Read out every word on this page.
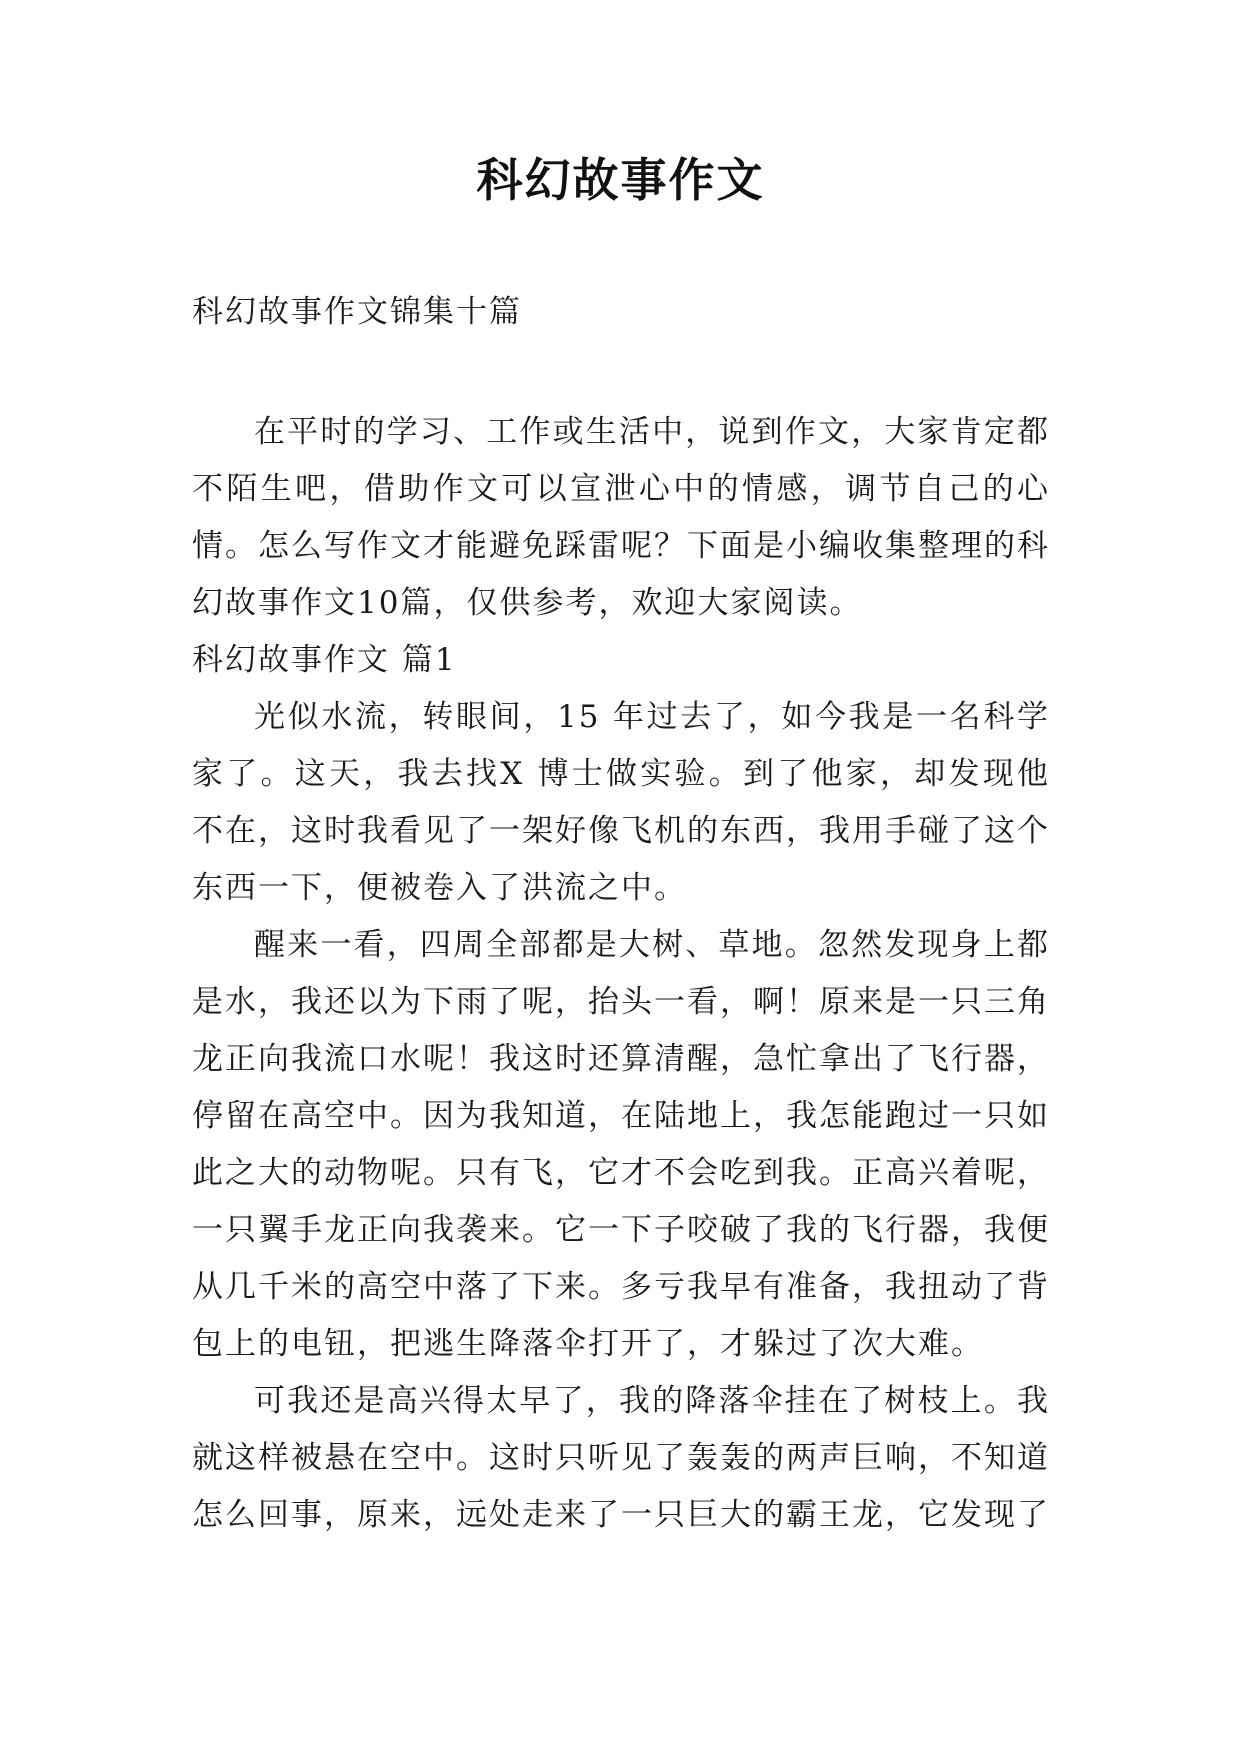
科幻故事作文
科幻故事作文锦集十篇

在平时的学习、工作或生活中，说到作文，大家肯定都不陌生吧，借助作文可以宣泄心中的情感，调节自己的心情。怎么写作文才能避免踩雷呢？下面是小编收集整理的科幻故事作文10篇，仅供参考，欢迎大家阅读。

科幻故事作文 篇1

光似水流，转眼间，15 年过去了，如今我是一名科学家了。这天，我去找X 博士做实验。到了他家，却发现他不在，这时我看见了一架好像飞机的东西，我用手碰了这个东西一下，便被卷入了洪流之中。

醒来一看，四周全部都是大树、草地。忽然发现身上都是水，我还以为下雨了呢，抬头一看，啊！原来是一只三角龙正向我流口水呢！我这时还算清醒，急忙拿出了飞行器，停留在高空中。因为我知道，在陆地上，我怎能跑过一只如此之大的动物呢。只有飞，它才不会吃到我。正高兴着呢，一只翼手龙正向我袭来。它一下子咬破了我的飞行器，我便从几千米的高空中落了下来。多亏我早有准备，我扭动了背包上的电钮，把逃生降落伞打开了，才躲过了次大难。

可我还是高兴得太早了，我的降落伞挂在了树枝上。我就这样被悬在空中。这时只听见了轰轰的两声巨响，不知道怎么回事，原来，远处走来了一只巨大的霸王龙，它发现了
